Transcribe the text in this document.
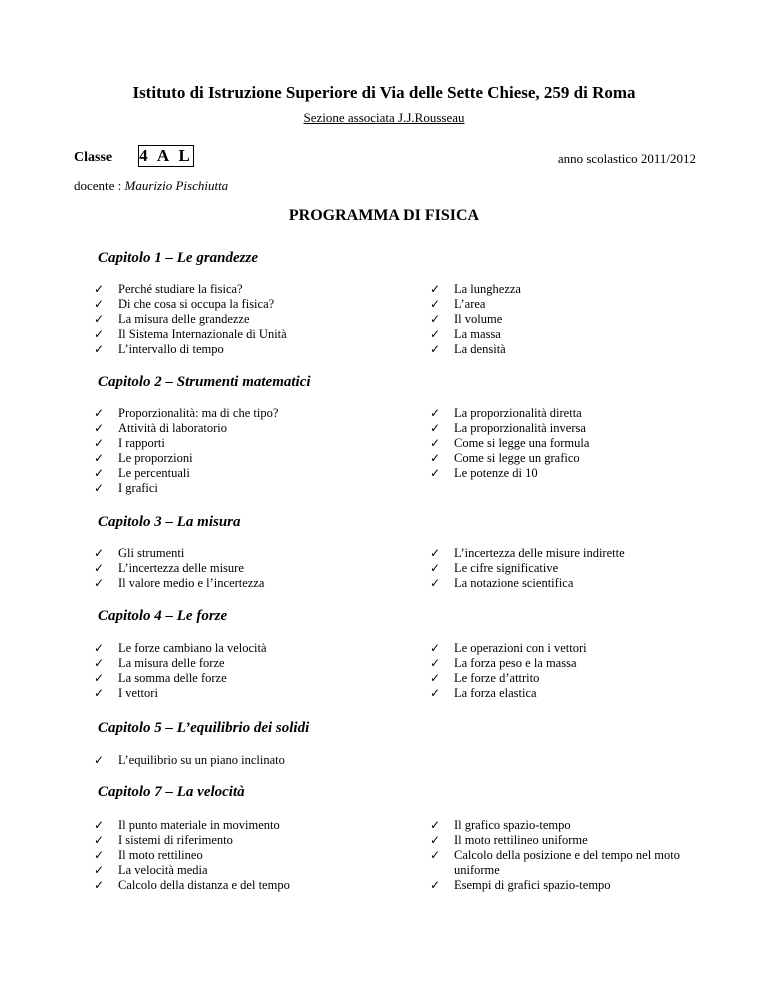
Istituto di Istruzione Superiore di Via delle Sette Chiese, 259 di Roma
Sezione associata J.J.Rousseau
Classe 4 A L	anno scolastico 2011/2012
docente : Maurizio Pischiutta
PROGRAMMA DI FISICA
Capitolo 1 – Le grandezze
✓ Perché studiare la fisica?
✓ Di che cosa si occupa la fisica?
✓ La misura delle grandezze
✓ Il Sistema Internazionale di Unità
✓ L’intervallo di tempo
✓ La lunghezza
✓ L’area
✓ Il volume
✓ La massa
✓ La densità
Capitolo 2 – Strumenti matematici
✓ Proporzionalità: ma di che tipo?
✓ Attività di laboratorio
✓ I rapporti
✓ Le proporzioni
✓ Le percentuali
✓ I grafici
✓ La proporzionalità diretta
✓ La proporzionalità inversa
✓ Come si legge una formula
✓ Come si legge un grafico
✓ Le potenze di 10
Capitolo 3 – La misura
✓ Gli strumenti
✓ L’incertezza delle misure
✓ Il valore medio e l’incertezza
✓ L’incertezza delle misure indirette
✓ Le cifre significative
✓ La notazione scientifica
Capitolo 4 – Le forze
✓ Le forze cambiano la velocità
✓ La misura delle forze
✓ La somma delle forze
✓ I vettori
✓ Le operazioni con i vettori
✓ La forza peso e la massa
✓ Le forze d’attrito
✓ La forza elastica
Capitolo 5 – L’equilibrio dei solidi
✓ L’equilibrio su un piano inclinato
Capitolo 7 – La velocità
✓ Il punto materiale in movimento
✓ I sistemi di riferimento
✓ Il moto rettilineo
✓ La velocità media
✓ Calcolo della distanza e del tempo
✓ Il grafico spazio-tempo
✓ Il moto rettilineo uniforme
✓ Calcolo della posizione e del tempo nel moto uniforme
✓ Esempi di grafici spazio-tempo
